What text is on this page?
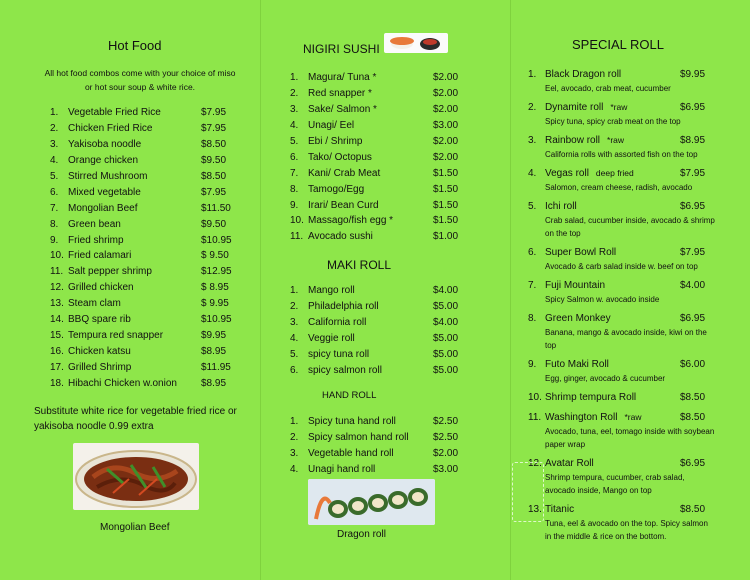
Hot Food
All hot food combos come with your choice of miso or hot sour soup & white rice.
1. Vegetable Fried Rice	$7.95
2. Chicken Fried Rice	$7.95
3. Yakisoba noodle	$8.50
4. Orange chicken	$9.50
5. Stirred Mushroom	$8.50
6. Mixed vegetable	$7.95
7. Mongolian Beef	$11.50
8. Green bean	$9.50
9. Fried shrimp	$10.95
10. Fried calamari	$ 9.50
11. Salt pepper shrimp	$12.95
12. Grilled chicken	$ 8.95
13. Steam clam	$ 9.95
14. BBQ spare rib	$10.95
15. Tempura red snapper	$9.95
16. Chicken katsu	$8.95
17. Grilled Shrimp	$11.95
18. Hibachi Chicken w.onion	$8.95
Substitute white rice for vegetable fried rice or yakisoba noodle 0.99 extra
Mongolian Beef
NIGIRI SUSHI
1. Magura/ Tuna *	$2.00
2. Red snapper *	$2.00
3. Sake/ Salmon *	$2.00
4. Unagi/ Eel	$3.00
5. Ebi / Shrimp	$2.00
6. Tako/ Octopus	$2.00
7. Kani/ Crab Meat	$1.50
8. Tamogo/Egg	$1.50
9. Irari/ Bean Curd	$1.50
10. Massago/fish egg *	$1.50
11. Avocado sushi	$1.00
MAKI ROLL
1. Mango roll	$4.00
2. Philadelphia roll	$5.00
3. California roll	$4.00
4. Veggie roll	$5.00
5. spicy tuna roll	$5.00
6. spicy salmon roll	$5.00
HAND ROLL
1. Spicy tuna hand roll	$2.50
2. Spicy salmon hand roll	$2.50
3. Vegetable hand roll	$2.00
4. Unagi hand roll	$3.00
Dragon roll
SPECIAL ROLL
1. Black Dragon roll	$9.95
Eel, avocado, crab meat, cucumber
2. Dynamite roll *raw	$6.95
Spicy tuna, spicy crab meat on the top
3. Rainbow roll *raw	$8.95
California rolls with assorted fish on the top
4. Vegas roll deep fried	$7.95
Salomon, cream cheese, radish, avocado
5. Ichi roll	$6.95
Crab salad, cucumber inside, avocado & shrimp on the top
6. Super Bowl Roll	$7.95
Avocado & carb salad inside w. beef on top
7. Fuji Mountain	$4.00
Spicy Salmon w. avocado inside
8. Green Monkey	$6.95
Banana, mango & avocado inside, kiwi on the top
9. Futo Maki Roll	$6.00
Egg, ginger, avocado & cucumber
10. Shrimp tempura Roll	$8.50
11. Washington Roll *raw	$8.50
Avocado, tuna, eel, tomago inside with soybean paper wrap
12. Avatar Roll	$6.95
Shrimp tempura, cucumber, crab salad, avocado inside, Mango on top
13. Titanic	$8.50
Tuna, eel & avocado on the top. Spicy salmon in the middle & rice on the bottom.
